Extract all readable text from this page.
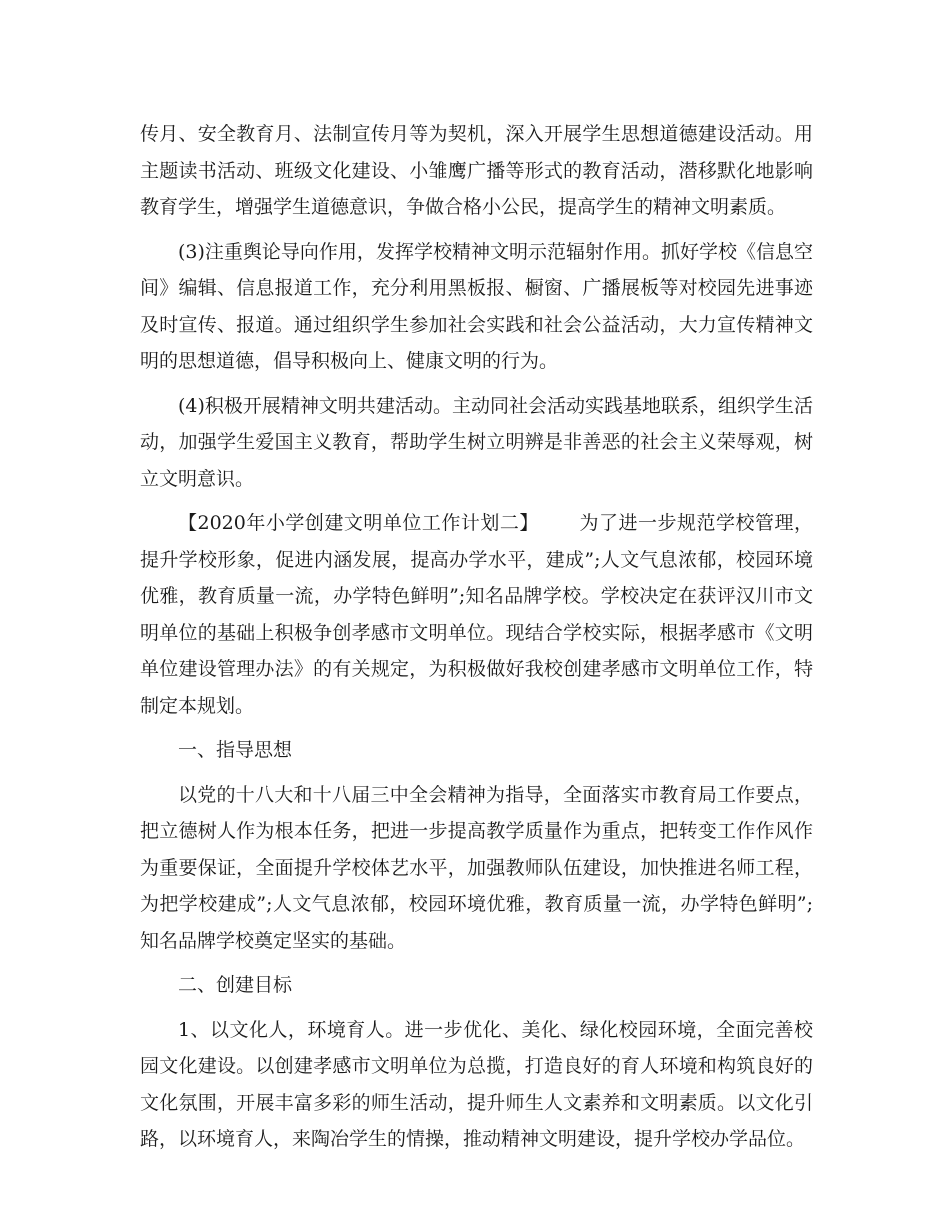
传月、安全教育月、法制宣传月等为契机，深入开展学生思想道德建设活动。用主题读书活动、班级文化建设、小雏鹰广播等形式的教育活动，潜移默化地影响教育学生，增强学生道德意识，争做合格小公民，提高学生的精神文明素质。

(3)注重舆论导向作用，发挥学校精神文明示范辐射作用。抓好学校《信息空间》编辑、信息报道工作，充分利用黑板报、橱窗、广播展板等对校园先进事迹及时宣传、报道。通过组织学生参加社会实践和社会公益活动，大力宣传精神文明的思想道德，倡导积极向上、健康文明的行为。

(4)积极开展精神文明共建活动。主动同社会活动实践基地联系，组织学生活动，加强学生爱国主义教育，帮助学生树立明辨是非善恶的社会主义荣辱观，树立文明意识。

【2020年小学创建文明单位工作计划二】 为了进一步规范学校管理，提升学校形象，促进内涵发展，提高办学水平，建成”;人文气息浓郁，校园环境优雅，教育质量一流，办学特色鲜明”;知名品牌学校。学校决定在获评汉川市文明单位的基础上积极争创孝感市文明单位。现结合学校实际，根据孝感市《文明单位建设管理办法》的有关规定，为积极做好我校创建孝感市文明单位工作，特制定本规划。

一、指导思想

以党的十八大和十八届三中全会精神为指导，全面落实市教育局工作要点，把立德树人作为根本任务，把进一步提高教学质量作为重点，把转变工作作风作为重要保证，全面提升学校体艺水平，加强教师队伍建设，加快推进名师工程，为把学校建成”;人文气息浓郁，校园环境优雅，教育质量一流，办学特色鲜明”;知名品牌学校奠定坚实的基础。

二、创建目标

1、以文化人，环境育人。进一步优化、美化、绿化校园环境，全面完善校园文化建设。以创建孝感市文明单位为总揽，打造良好的育人环境和构筑良好的文化氛围，开展丰富多彩的师生活动，提升师生人文素养和文明素质。以文化引路，以环境育人，来陶冶学生的情操，推动精神文明建设，提升学校办学品位。
